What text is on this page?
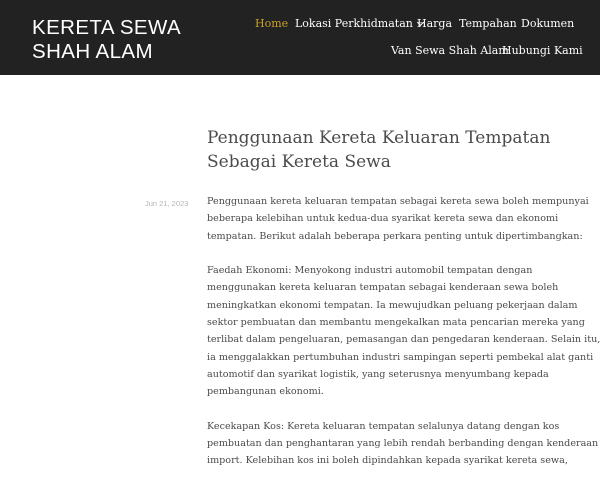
KERETA SEWA
SHAH ALAM
Home Lokasi Perkhidmatan Harga Tempahan Dokumen
Van Sewa Shah Alam
Hubungi Kami
Penggunaan Kereta Keluaran Tempatan
Sebagai Kereta Sewa
Jun 21, 2023 Penggunaan kereta keluaran tempatan sebagai kereta sewa boleh mempunyai
beberapa kelebihan untuk kedua-dua syarikat kereta sewa dan ekonomi
tempatan. Berikut adalah beberapa perkara penting untuk dipertimbangkan:

Faedah Ekonomi: Menyokong industri automobil tempatan dengan
menggunakan kereta keluaran tempatan sebagai kenderaan sewa boleh
meningkatkan ekonomi tempatan. Ia mewujudkan peluang pekerjaan dalam
sektor pembuatan dan membantu mengekalkan mata pencarian mereka yang
terlibat dalam pengeluaran, pemasangan dan pengedaran kenderaan. Selain itu,
ia menggalakkan pertumbuhan industri sampingan seperti pembekal alat ganti
automotif dan syarikat logistik, yang seterusnya menyumbang kepada
pembangunan ekonomi.

Kecekapan Kos: Kereta keluaran tempatan selalunya datang dengan kos
pembuatan dan penghantaran yang lebih rendah berbanding dengan kenderaan
import. Kelebihan kos ini boleh dipindahkan kepada syarikat kereta sewa,
